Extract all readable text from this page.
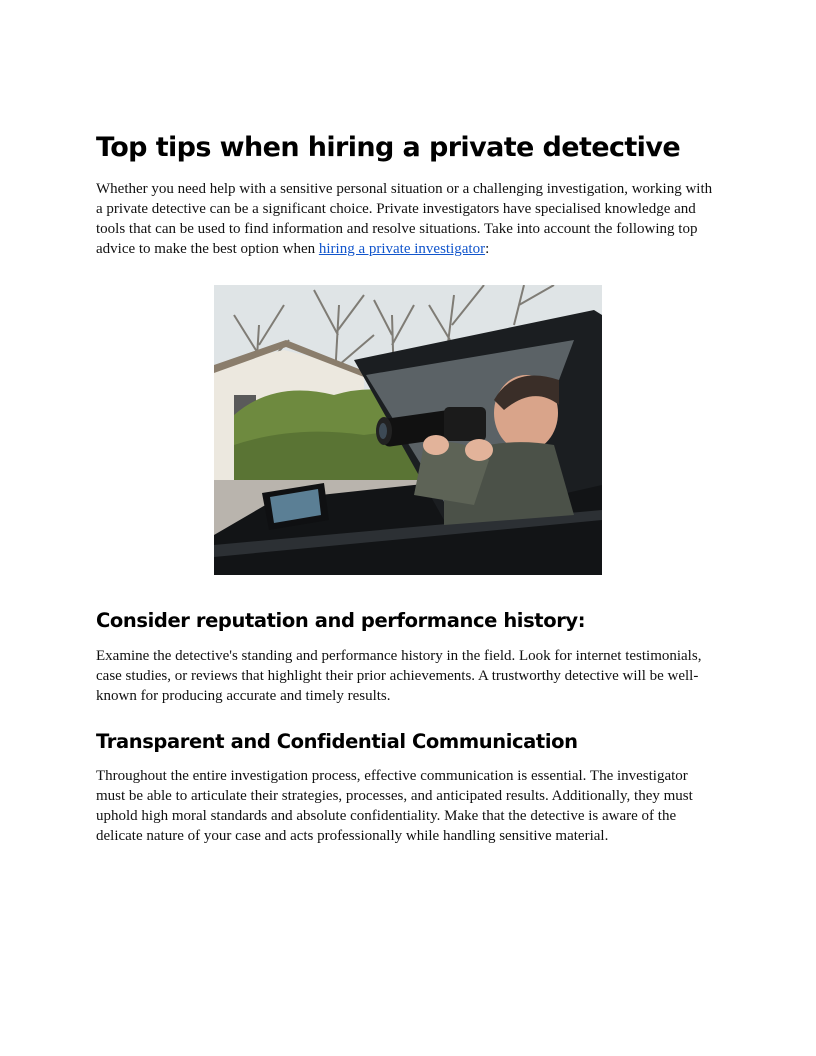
Top tips when hiring a private detective

Whether you need help with a sensitive personal situation or a challenging investigation, working with a private detective can be a significant choice. Private investigators have specialised knowledge and tools that can be used to find information and resolve situations. Take into account the following top advice to make the best option when hiring a private investigator:

Consider reputation and performance history:

Examine the detective's standing and performance history in the field. Look for internet testimonials, case studies, or reviews that highlight their prior achievements. A trustworthy detective will be well-known for producing accurate and timely results.

Transparent and Confidential Communication

Throughout the entire investigation process, effective communication is essential. The investigator must be able to articulate their strategies, processes, and anticipated results. Additionally, they must uphold high moral standards and absolute confidentiality. Make that the detective is aware of the delicate nature of your case and acts professionally while handling sensitive material.
